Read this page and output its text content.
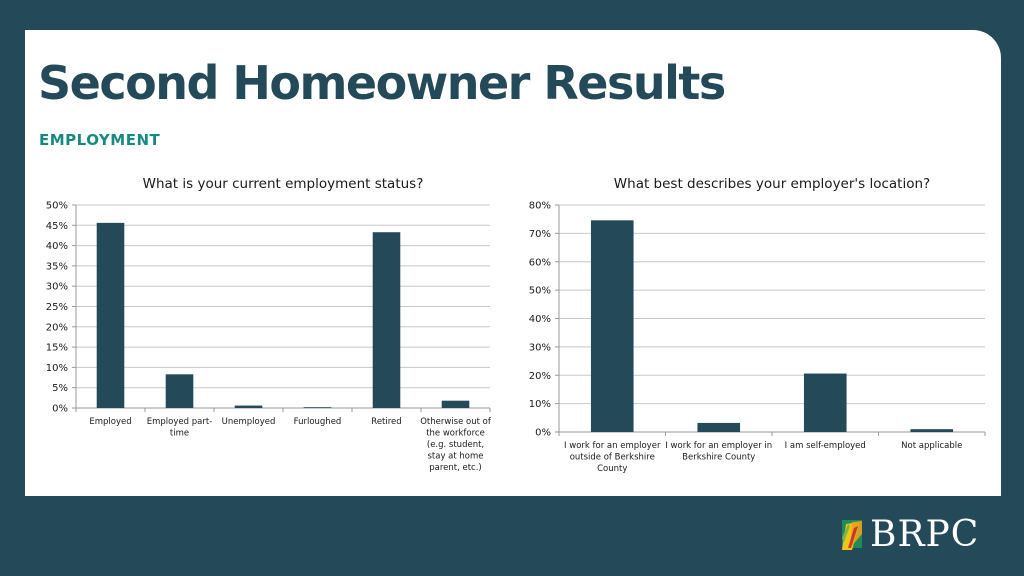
Second Homeowner Results
EMPLOYMENT
What is your current employment status?
0%
5%
10%
15%
20%
25%
30%
35%
40%
45%
50%
Employed Employed part-
time
Unemployed Furloughed	Retired Otherwise out of
the workforce
(e.g. student,
stay at home
parent, etc.)
What best describes your employer's location?
0%
10%
20%
30%
40%
50%
60%
70%
80%
I work for an employer
outside of Berkshire
County
I work for an employer in
Berkshire County
I am self-employed	Not applicable
BRPC
